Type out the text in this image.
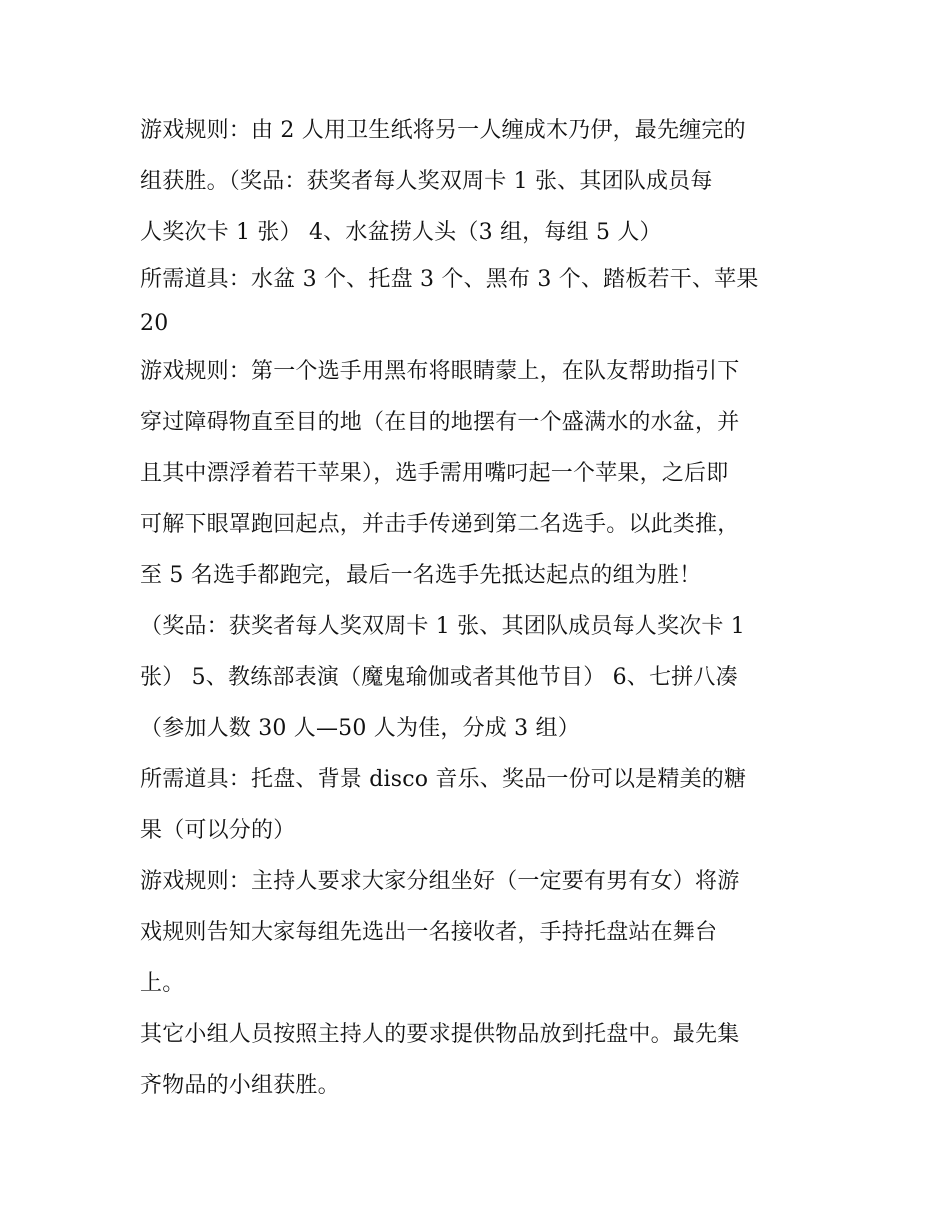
游戏规则：由 2 人用卫生纸将另一人缠成木乃伊，最先缠完的
组获胜。（奖品：获奖者每人奖双周卡 1 张、其团队成员每
人奖次卡 1 张） 4、水盆捞人头（3 组，每组 5 人）
所需道具：水盆 3 个、托盘 3 个、黑布 3 个、踏板若干、苹果
20
游戏规则：第一个选手用黑布将眼睛蒙上，在队友帮助指引下
穿过障碍物直至目的地（在目的地摆有一个盛满水的水盆，并
且其中漂浮着若干苹果），选手需用嘴叼起一个苹果，之后即
可解下眼罩跑回起点，并击手传递到第二名选手。以此类推，
至 5 名选手都跑完，最后一名选手先抵达起点的组为胜！
（奖品：获奖者每人奖双周卡 1 张、其团队成员每人奖次卡 1
张） 5、教练部表演（魔鬼瑜伽或者其他节目） 6、七拼八凑
（参加人数 30 人—50 人为佳，分成 3 组）
所需道具：托盘、背景 disco 音乐、奖品一份可以是精美的糖
果（可以分的）
游戏规则：主持人要求大家分组坐好（一定要有男有女）将游
戏规则告知大家每组先选出一名接收者，手持托盘站在舞台
上。
其它小组人员按照主持人的要求提供物品放到托盘中。最先集
齐物品的小组获胜。
